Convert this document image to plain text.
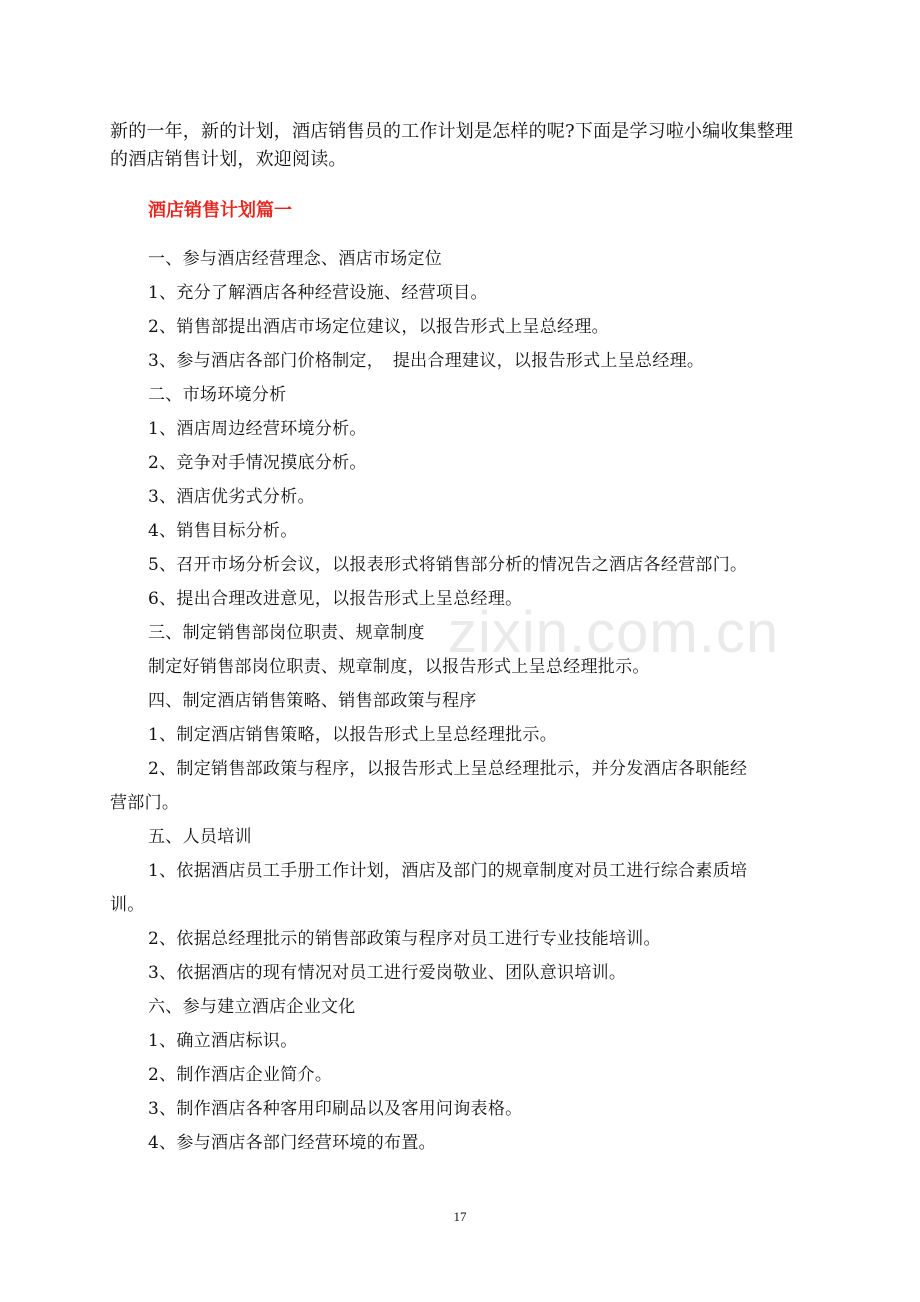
新的一年，新的计划，酒店销售员的工作计划是怎样的呢?下面是学习啦小编收集整理的酒店销售计划，欢迎阅读。
酒店销售计划篇一
一、参与酒店经营理念、酒店市场定位
1、充分了解酒店各种经营设施、经营项目。
2、销售部提出酒店市场定位建议，以报告形式上呈总经理。
3、参与酒店各部门价格制定，　提出合理建议，以报告形式上呈总经理。
二、市场环境分析
1、酒店周边经营环境分析。
2、竞争对手情况摸底分析。
3、酒店优劣式分析。
4、销售目标分析。
5、召开市场分析会议，以报表形式将销售部分析的情况告之酒店各经营部门。
6、提出合理改进意见，以报告形式上呈总经理。
三、制定销售部岗位职责、规章制度
制定好销售部岗位职责、规章制度，以报告形式上呈总经理批示。
四、制定酒店销售策略、销售部政策与程序
1、制定酒店销售策略，以报告形式上呈总经理批示。
2、制定销售部政策与程序，以报告形式上呈总经理批示，并分发酒店各职能经
营部门。
五、人员培训
1、依据酒店员工手册工作计划，酒店及部门的规章制度对员工进行综合素质培
训。
2、依据总经理批示的销售部政策与程序对员工进行专业技能培训。
3、依据酒店的现有情况对员工进行爱岗敬业、团队意识培训。
六、参与建立酒店企业文化
1、确立酒店标识。
2、制作酒店企业简介。
3、制作酒店各种客用印刷品以及客用问询表格。
4、参与酒店各部门经营环境的布置。
zixin.com.cn
17
